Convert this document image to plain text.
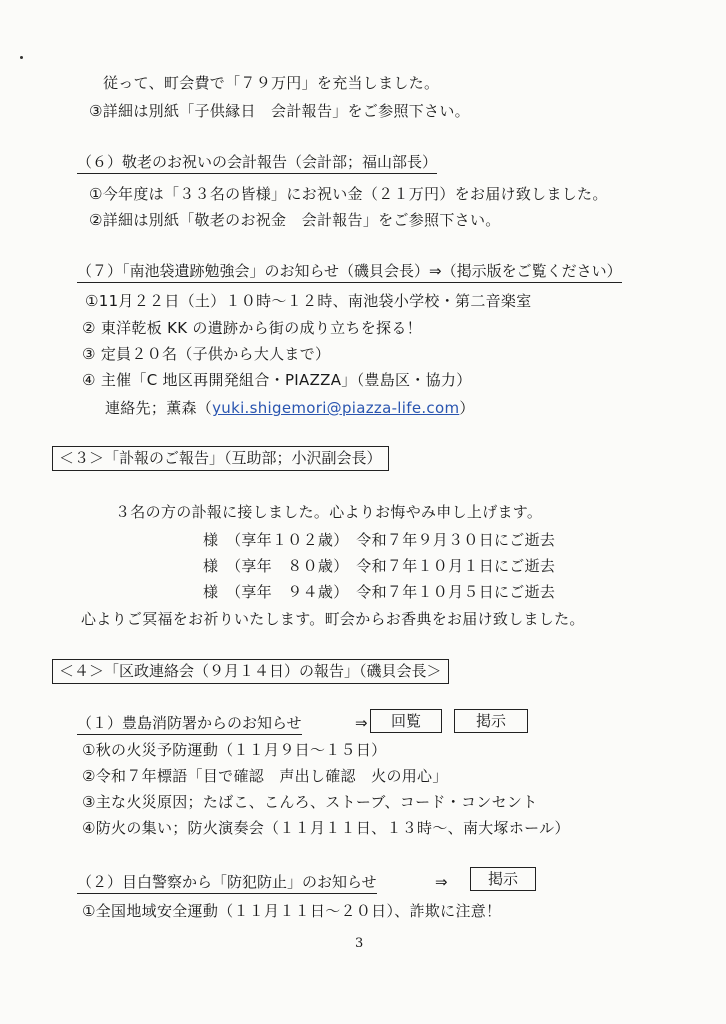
従って、町会費で「７９万円」を充当しました。
③詳細は別紙「子供縁日　会計報告」をご参照下さい。
（６）敬老のお祝いの会計報告（会計部；福山部長）
①今年度は「３３名の皆様」にお祝い金（２１万円）をお届け致しました。
②詳細は別紙「敬老のお祝金　会計報告」をご参照下さい。
（７）「南池袋遺跡勉強会」のお知らせ（磯貝会長）⇒（掲示版をご覧ください）
①11月２２日（土）１０時～１２時、南池袋小学校・第二音楽室
② 東洋乾板 KK の遺跡から街の成り立ちを探る！
③ 定員２０名（子供から大人まで）
④ 主催「C 地区再開発組合・PIAZZA」（豊島区・協力）
連絡先；薫森（yuki.shigemori@piazza-life.com）
＜３＞「訃報のご報告」（互助部；小沢副会長）
３名の方の訃報に接しました。心よりお悔やみ申し上げます。
様　（享年１０２歳）　令和７年９月３０日にご逝去
様　（享年　８０歳）　令和７年１０月１日にご逝去
様　（享年　９４歳）　令和７年１０月５日にご逝去
心よりご冥福をお祈りいたします。町会からお香典をお届け致しました。
＜４＞「区政連絡会（９月１４日）の報告」（磯貝会長＞
（１）豊島消防署からのお知らせ	⇒	回覧	掲示
①秋の火災予防運動（１１月９日～１５日）
②令和７年標語「目で確認　声出し確認　火の用心」
③主な火災原因；たばこ、こんろ、ストーブ、コード・コンセント
④防火の集い；防火演奏会（１１月１１日、１３時～、南大塚ホール）
（２）目白警察から「防犯防止」のお知らせ	⇒	掲示
①全国地域安全運動（１１月１１日～２０日）、詐欺に注意！
3
